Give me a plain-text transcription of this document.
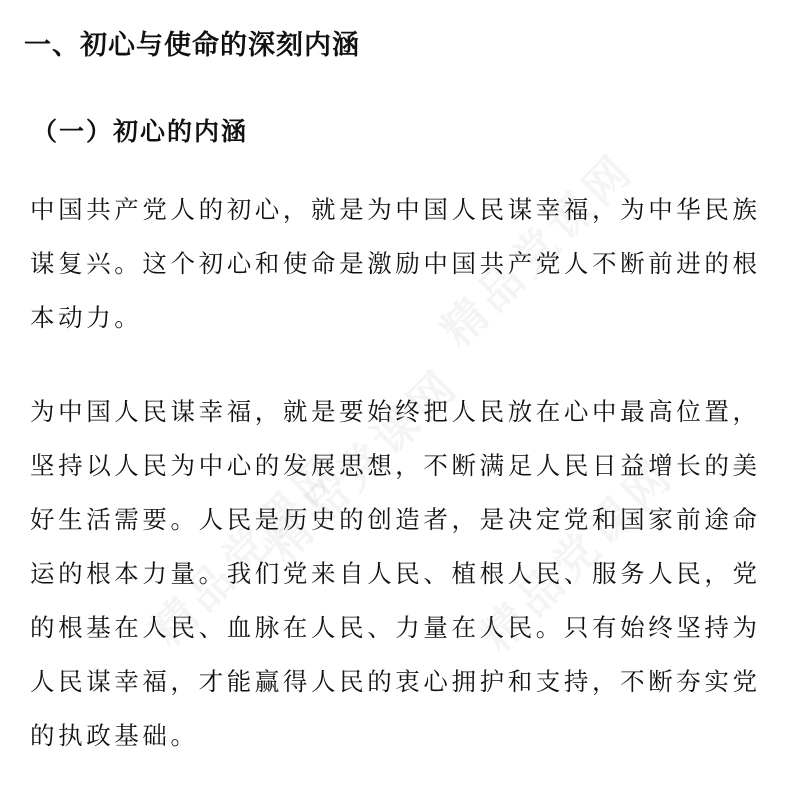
精品党课网
精品党课网
精品党课网	精品党课网
一、初心与使命的深刻内涵
（一）初心的内涵
中国共产党人的初心，就是为中国人民谋幸福，为中华民族
谋复兴。这个初心和使命是激励中国共产党人不断前进的根
本动力。
为中国人民谋幸福，就是要始终把人民放在心中最高位置，
坚持以人民为中心的发展思想，不断满足人民日益增长的美
好生活需要。人民是历史的创造者，是决定党和国家前途命
运的根本力量。我们党来自人民、植根人民、服务人民，党
的根基在人民、血脉在人民、力量在人民。只有始终坚持为
人民谋幸福，才能赢得人民的衷心拥护和支持，不断夯实党
的执政基础。
